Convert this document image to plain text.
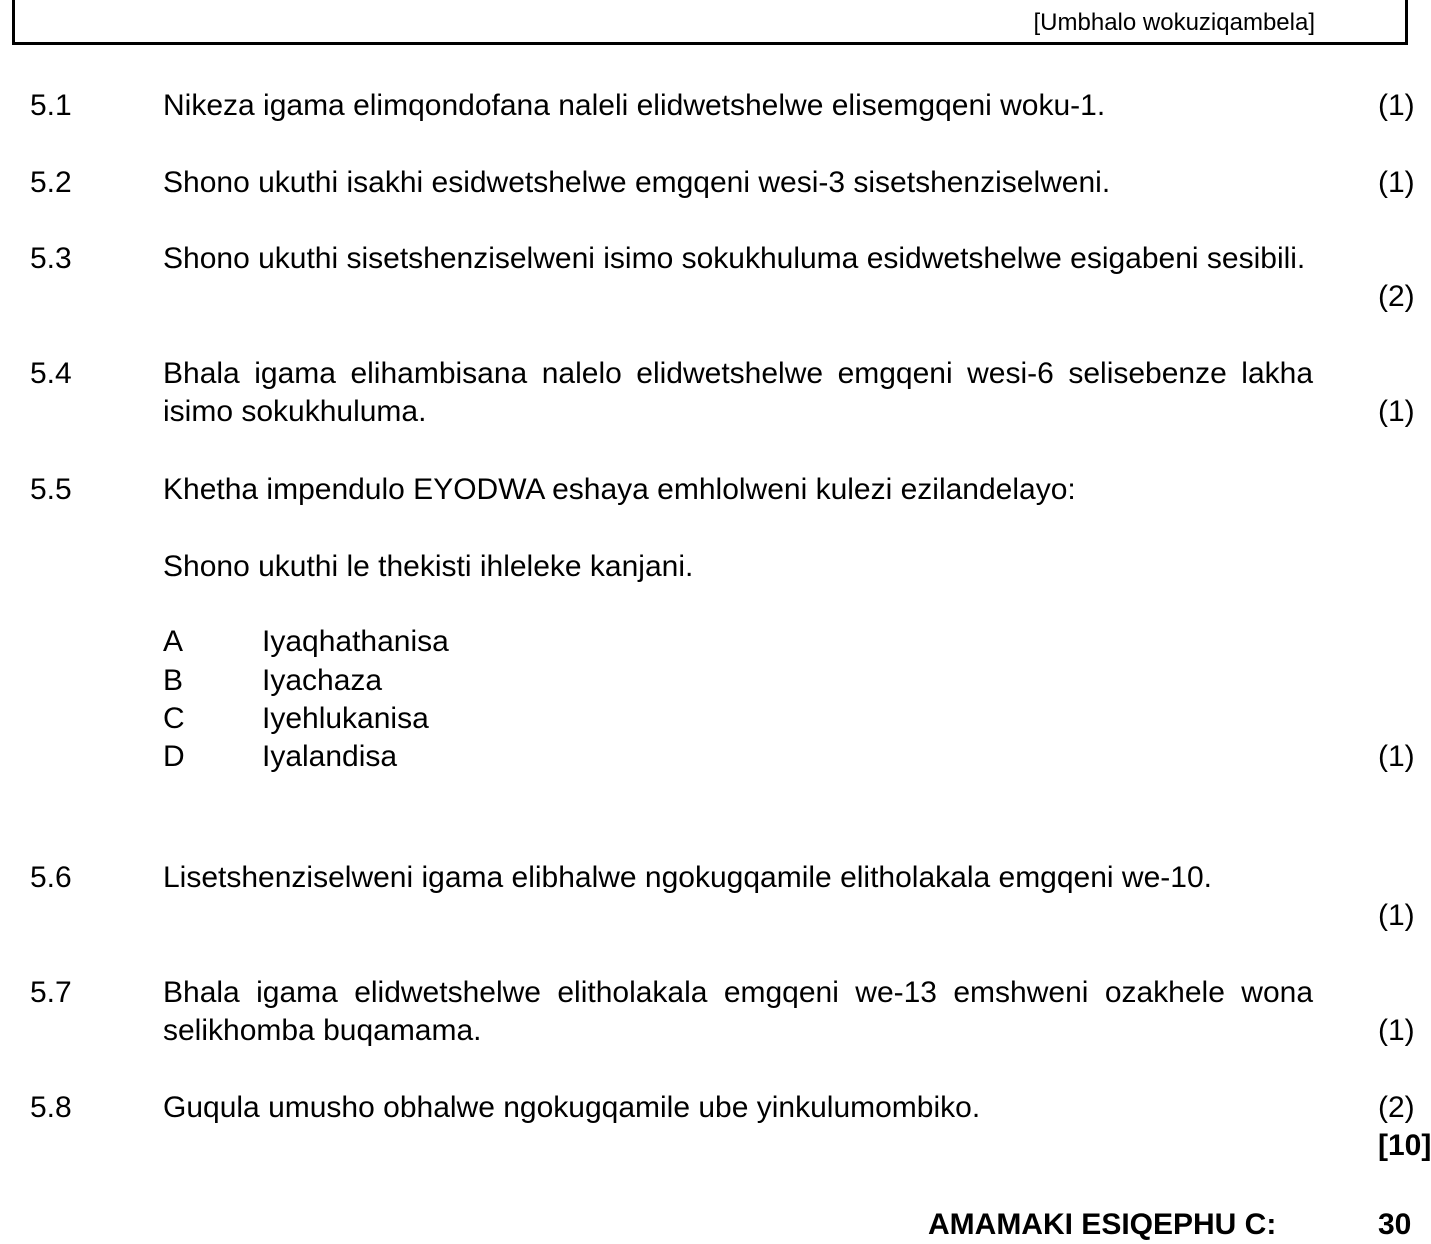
[Umbhalo wokuziqambela]
5.1	Nikeza igama elimqondofana naleli elidwetshelwe elisemgqeni woku-1.	(1)
5.2	Shono ukuthi isakhi esidwetshelwe emgqeni wesi-3 sisetshenziselweni.	(1)
5.3	Shono ukuthi sisetshenziselweni isimo sokukhuluma esidwetshelwe esigabeni sesibili.
(2)
5.4	Bhala igama elihambisana nalelo elidwetshelwe emgqeni wesi-6 selisebenze lakha isimo sokukhuluma.	(1)
5.5	Khetha impendulo EYODWA eshaya emhlolweni kulezi ezilandelayo:
Shono ukuthi le thekisti ihleleke kanjani.
A	Iyaqhathanisa
B	Iyachaza
C	Iyehlukanisa
D	Iyalandisa	(1)
5.6	Lisetshenziselweni igama elibhalwe ngokugqamile elitholakala emgqeni we-10.
(1)
5.7	Bhala igama elidwetshelwe elitholakala emgqeni we-13 emshweni ozakhele wona selikhomba buqamama.	(1)
5.8	Guqula umusho obhalwe ngokugqamile ube yinkulumombiko.	(2)
[10]
AMAMAKI ESIQEPHU C:	30
